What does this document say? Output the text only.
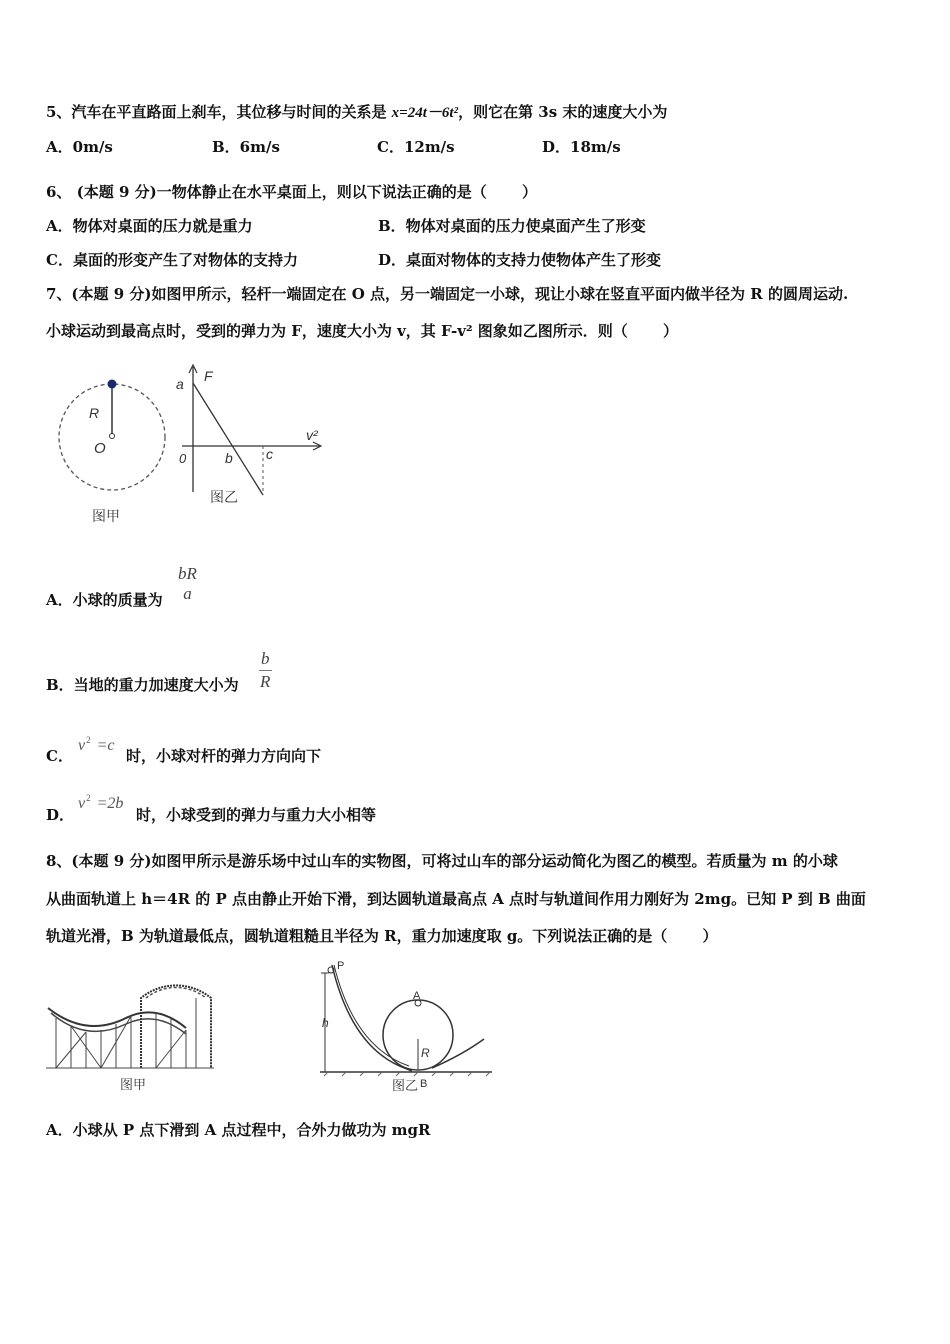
5、汽车在平直路面上刹车，其位移与时间的关系是 x=24t－6t²，则它在第 3s 末的速度大小为
A．0m/s	B．6m/s	C．12m/s	D．18m/s
6、 (本题 9 分)一物体静止在水平桌面上，则以下说法正确的是（　　 ）
A．物体对桌面的压力就是重力	B．物体对桌面的压力使桌面产生了形变
C．桌面的形变产生了对物体的支持力	D．桌面对物体的支持力使物体产生了形变
7、(本题 9 分)如图甲所示，轻杆一端固定在 O 点，另一端固定一小球，现让小球在竖直平面内做半径为 R 的圆周运动.
小球运动到最高点时，受到的弹力为 F，速度大小为 v，其 F-v² 图象如乙图所示．则（　　 ）
R
O
图甲
a F
v²
0	b c
图乙
A．小球的质量为
bR
a
B．当地的重力加速度大小为
b
R
C．
$v^2 =c$
时，小球对杆的弹力方向向下
D．
$v^2 =2b$
时，小球受到的弹力与重力大小相等
8、(本题 9 分)如图甲所示是游乐场中过山车的实物图，可将过山车的部分运动简化为图乙的模型。若质量为 m 的小球
从曲面轨道上 h＝4R 的 P 点由静止开始下滑，到达圆轨道最高点 A 点时与轨道间作用力刚好为 2mg。已知 P 到 B 曲面
轨道光滑，B 为轨道最低点，圆轨道粗糙且半径为 R，重力加速度取 g。下列说法正确的是（　　 ）
图甲
h
P
A
R
B
图乙
A．小球从 P 点下滑到 A 点过程中，合外力做功为 mgR
